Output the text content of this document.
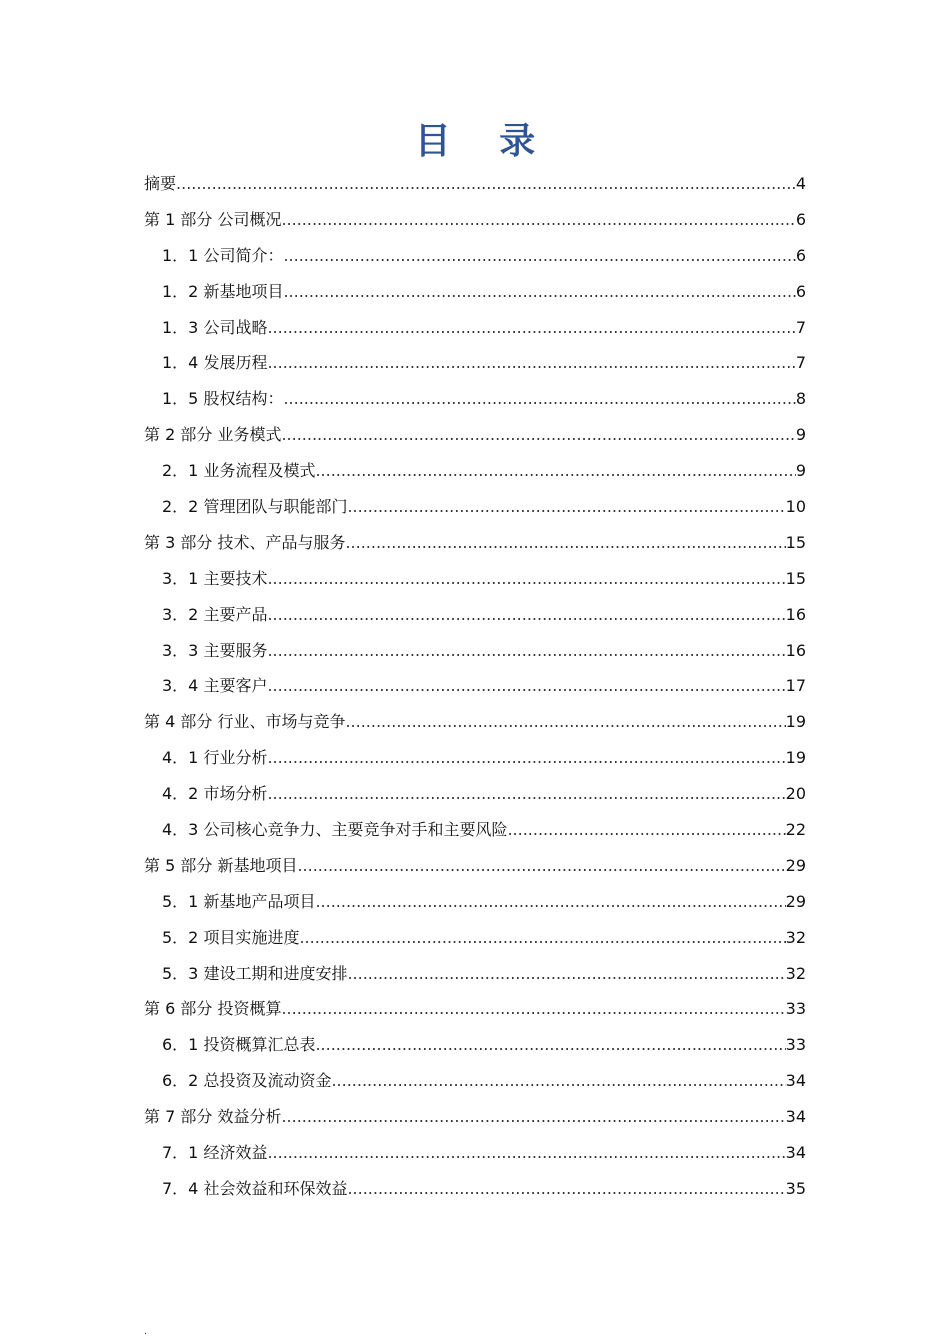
目 录
摘要 .....	4
第 1 部分 公司概况 .....	6
1．1 公司简介： .....	6
1．2 新基地项目 .....	6
1．3 公司战略 .....	7
1．4 发展历程 .....	7
1．5 股权结构： .....	8
第 2 部分 业务模式 .....	9
2．1 业务流程及模式 .....	9
2．2 管理团队与职能部门 .....	10
第 3 部分 技术、产品与服务 .....	15
3．1 主要技术 .....	15
3．2 主要产品 .....	16
3．3 主要服务 .....	16
3．4 主要客户 .....	17
第 4 部分 行业、市场与竞争 .....	19
4．1 行业分析 .....	19
4．2 市场分析 .....	20
4．3 公司核心竞争力、主要竞争对手和主要风险 .....	22
第 5 部分 新基地项目 .....	29
5．1 新基地产品项目 .....	29
5．2 项目实施进度 .....	32
5．3 建设工期和进度安排 .....	32
第 6 部分 投资概算 .....	33
6．1 投资概算汇总表 .....	33
6．2 总投资及流动资金 .....	34
第 7 部分 效益分析 .....	34
7．1 经济效益 .....	34
7．4 社会效益和环保效益 .....	35
.
